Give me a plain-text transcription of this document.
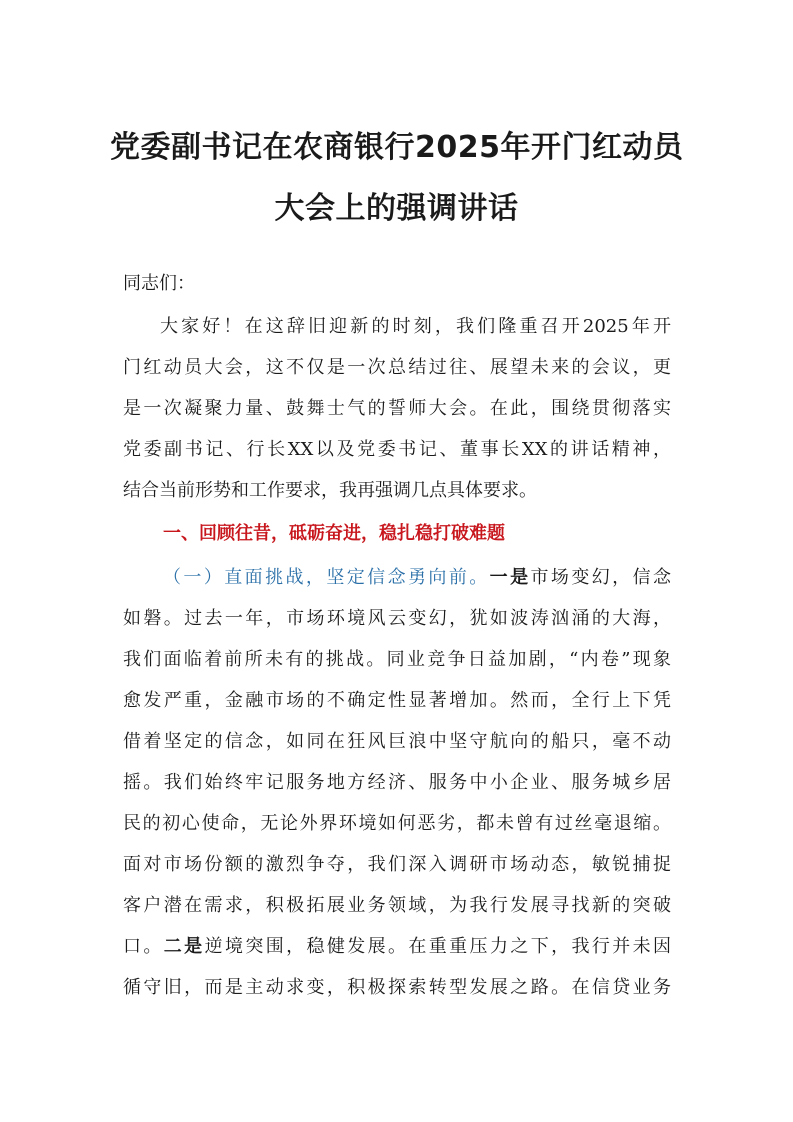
党委副书记在农商银行2025年开门红动员
大会上的强调讲话
同志们：
大家好！在这辞旧迎新的时刻，我们隆重召开2025年开
门红动员大会，这不仅是一次总结过往、展望未来的会议，更
是一次凝聚力量、鼓舞士气的誓师大会。在此，围绕贯彻落实
党委副书记、行长XX以及党委书记、董事长XX的讲话精神，
结合当前形势和工作要求，我再强调几点具体要求。
一、回顾往昔，砥砺奋进，稳扎稳打破难题
（一）直面挑战，坚定信念勇向前。一是市场变幻，信念
如磐。过去一年，市场环境风云变幻，犹如波涛汹涌的大海，
我们面临着前所未有的挑战。同业竞争日益加剧，“内卷”现象
愈发严重，金融市场的不确定性显著增加。然而，全行上下凭
借着坚定的信念，如同在狂风巨浪中坚守航向的船只，毫不动
摇。我们始终牢记服务地方经济、服务中小企业、服务城乡居
民的初心使命，无论外界环境如何恶劣，都未曾有过丝毫退缩。
面对市场份额的激烈争夺，我们深入调研市场动态，敏锐捕捉
客户潜在需求，积极拓展业务领域，为我行发展寻找新的突破
口。二是逆境突围，稳健发展。在重重压力之下，我行并未因
循守旧，而是主动求变，积极探索转型发展之路。在信贷业务
